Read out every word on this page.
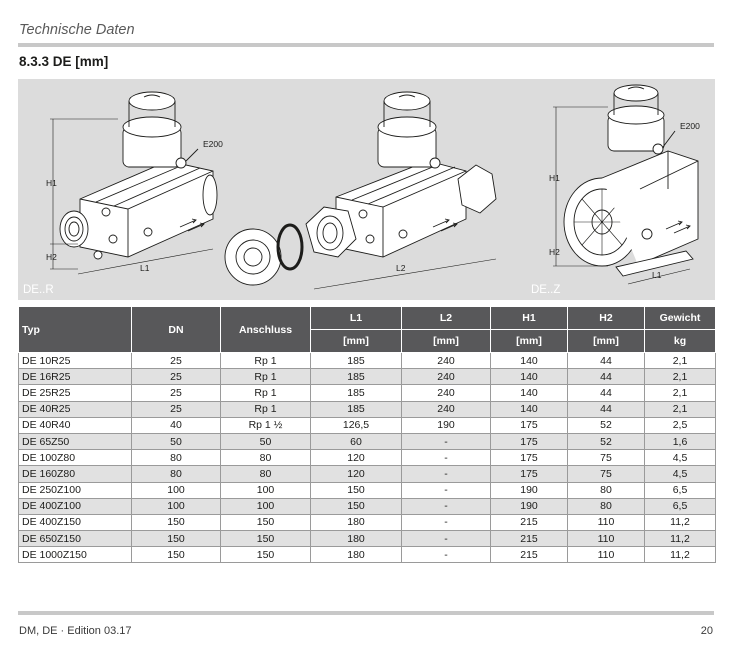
Technische Daten
8.3.3 DE [mm]
E200
H1
H2
L1	L2
E200
H1
H2
L1
DE..R	DE..Z
Typ	DN	Anschluss	L1	L2	H1	H2	Gewicht
			[mm]	[mm]	[mm]	[mm]	kg
DE 10R25	25	Rp 1	185	240	140	44	2,1
DE 16R25	25	Rp 1	185	240	140	44	2,1
DE 25R25	25	Rp 1	185	240	140	44	2,1
DE 40R25	25	Rp 1	185	240	140	44	2,1
DE 40R40	40	Rp 1 ½	126,5	190	175	52	2,5
DE 65Z50	50	50	60	-	175	52	1,6
DE 100Z80	80	80	120	-	175	75	4,5
DE 160Z80	80	80	120	-	175	75	4,5
DE 250Z100	100	100	150	-	190	80	6,5
DE 400Z100	100	100	150	-	190	80	6,5
DE 400Z150	150	150	180	-	215	110	11,2
DE 650Z150	150	150	180	-	215	110	11,2
DE 1000Z150	150	150	180	-	215	110	11,2
DM, DE · Edition 03.17	20
